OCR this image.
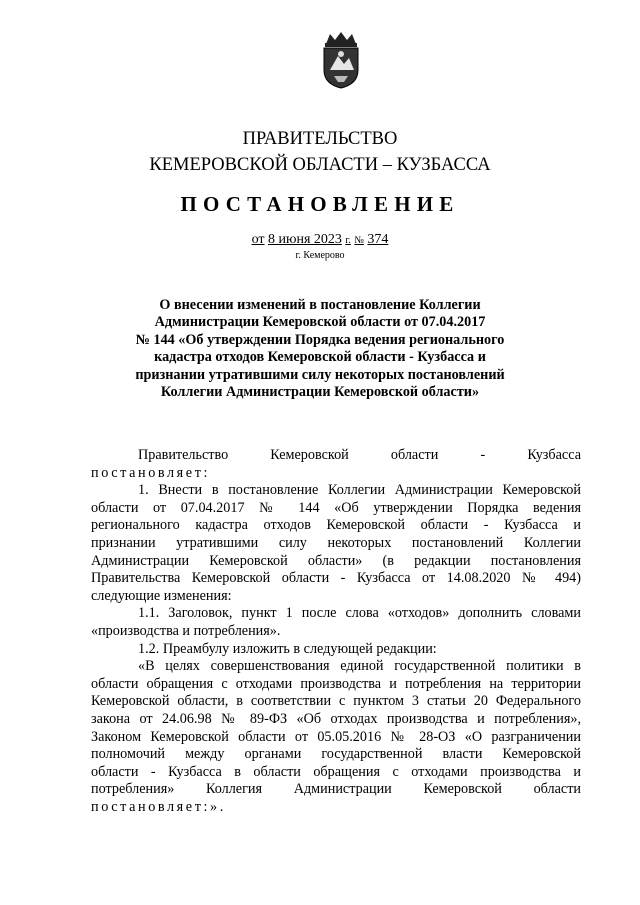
ПРАВИТЕЛЬСТВО
КЕМЕРОВСКОЙ ОБЛАСТИ – КУЗБАССА
ПОСТАНОВЛЕНИЕ
от 8 июня 2023 г. № 374
г. Кемерово
О внесении изменений в постановление Коллегии
Администрации Кемеровской области от 07.04.2017
№ 144 «Об утверждении Порядка ведения регионального
кадастра отходов Кемеровской области - Кузбасса и
признании утратившими силу некоторых постановлений
Коллегии Администрации Кемеровской области»
Правительство Кемеровской области - Кузбасса
постановляет:
1. Внести в постановление Коллегии Администрации Кемеровской
области от 07.04.2017 № 144 «Об утверждении Порядка ведения
регионального кадастра отходов Кемеровской области - Кузбасса и
признании утратившими силу некоторых постановлений Коллегии
Администрации Кемеровской области» (в редакции постановления
Правительства Кемеровской области - Кузбасса от 14.08.2020 № 494)
следующие изменения:
1.1. Заголовок, пункт 1 после слова «отходов» дополнить словами
«производства и потребления».
1.2. Преамбулу изложить в следующей редакции:
«В целях совершенствования единой государственной политики в
области обращения с отходами производства и потребления на территории
Кемеровской области, в соответствии с пунктом 3 статьи 20 Федерального
закона от 24.06.98 № 89-ФЗ «Об отходах производства и потребления»,
Законом Кемеровской области от 05.05.2016 № 28-ОЗ «О разграничении
полномочий между органами государственной власти Кемеровской
области - Кузбасса в области обращения с отходами производства и
потребления» Коллегия Администрации Кемеровской области
постановляет:».
